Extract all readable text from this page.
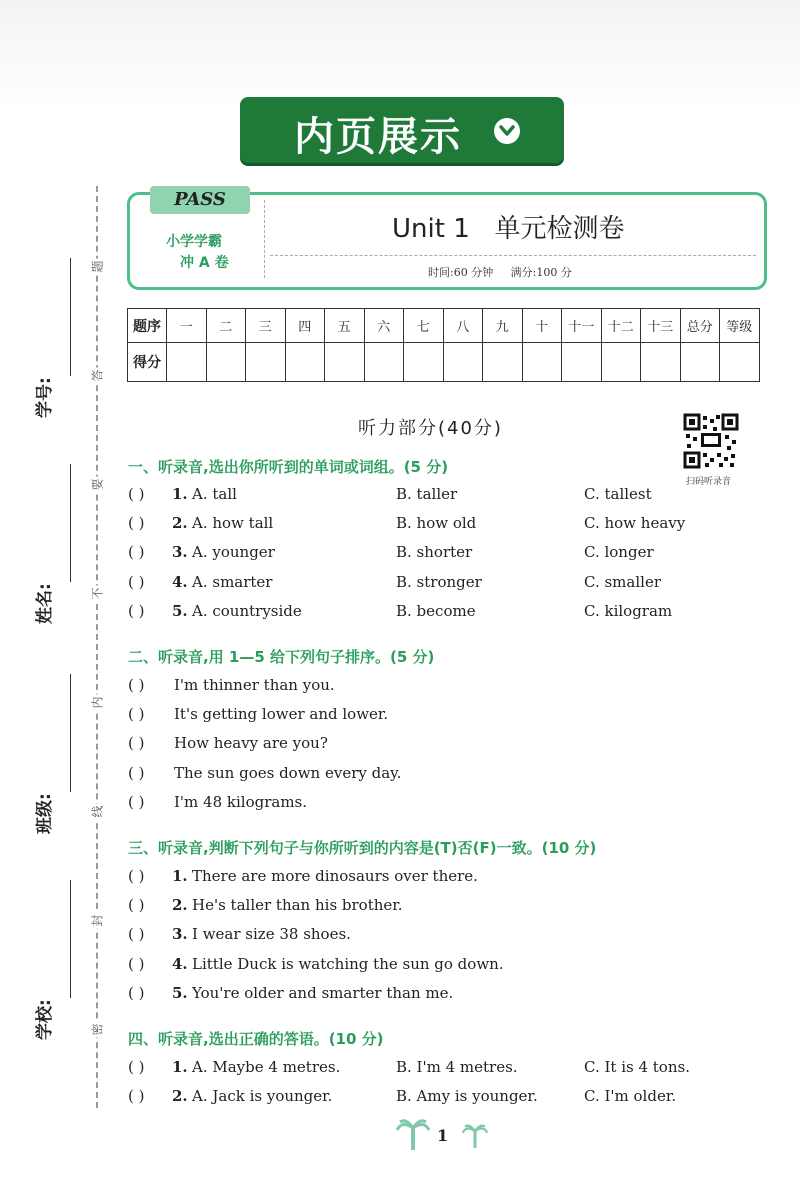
内页展示
题
答
要
不
内
线
封
密
学号:
姓名:
班级:
学校:
PASS
小学学霸
冲 A 卷
Unit 1   单元检测卷
时间:60 分钟     满分:100 分
题序	一	二	三	四	五	六	七	八	九	十	十一	十二	十三	总分	等级
得分															
听力部分(40分)
扫码听录音
一、听录音,选出你所听到的单词或词组。(5 分)
( ) 1. A. tall	B. taller	C. tallest
( ) 2. A. how tall	B. how old	C. how heavy
( ) 3. A. younger	B. shorter	C. longer
( ) 4. A. smarter	B. stronger	C. smaller
( ) 5. A. countryside	B. become	C. kilogram
二、听录音,用 1—5 给下列句子排序。(5 分)
( ) I'm thinner than you.
( ) It's getting lower and lower.
( ) How heavy are you?
( ) The sun goes down every day.
( ) I'm 48 kilograms.
三、听录音,判断下列句子与你所听到的内容是(T)否(F)一致。(10 分)
( ) 1. There are more dinosaurs over there.
( ) 2. He's taller than his brother.
( ) 3. I wear size 38 shoes.
( ) 4. Little Duck is watching the sun go down.
( ) 5. You're older and smarter than me.
四、听录音,选出正确的答语。(10 分)
( ) 1. A. Maybe 4 metres.	B. I'm 4 metres.	C. It is 4 tons.
( ) 2. A. Jack is younger.	B. Amy is younger.	C. I'm older.
1
